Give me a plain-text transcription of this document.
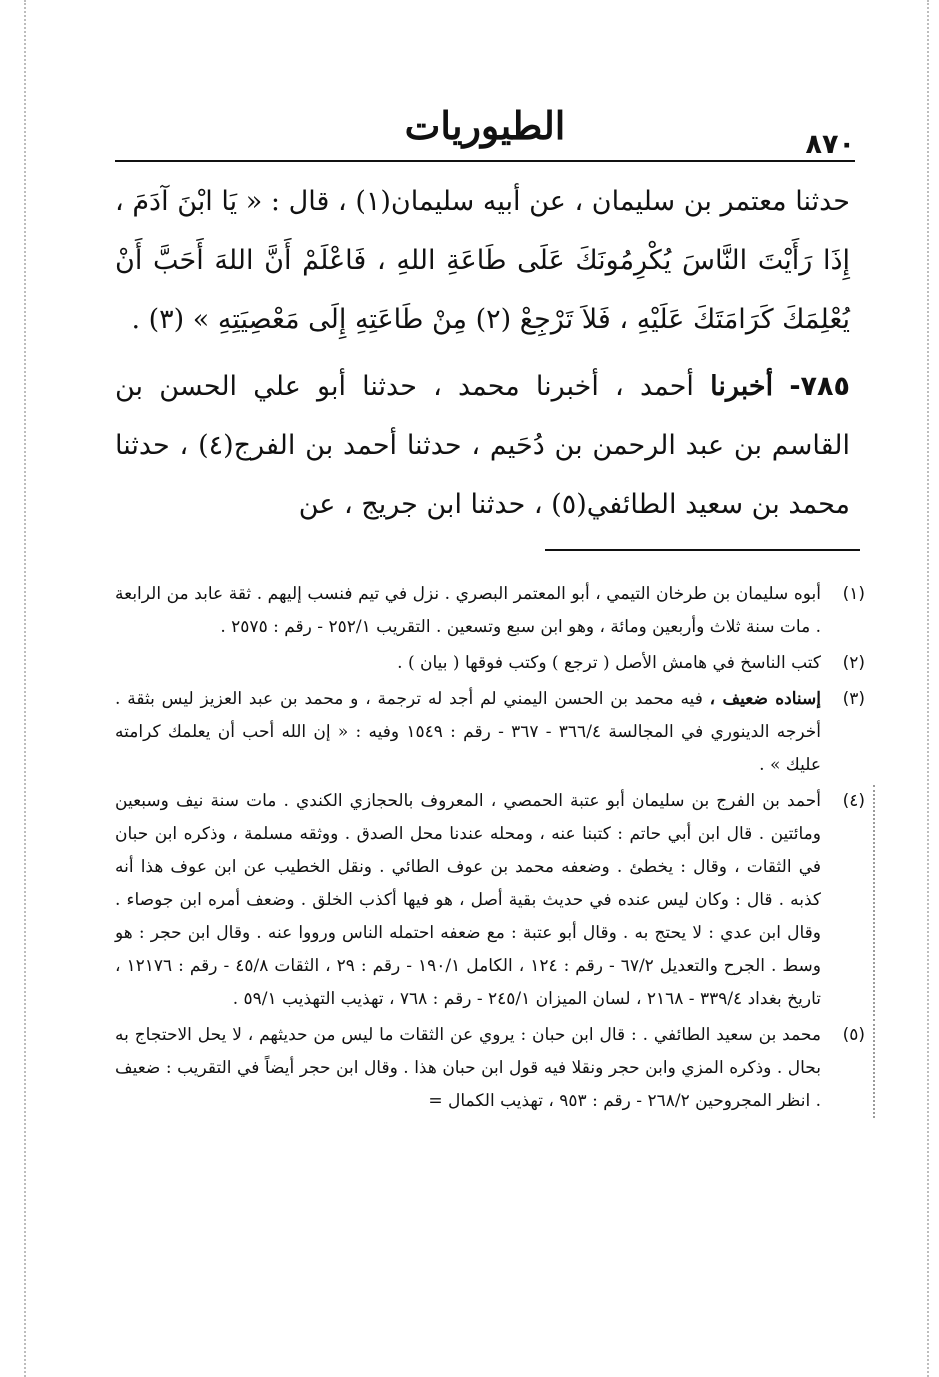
الطيوريات	٨٧٠

حدثنا معتمر بن سليمان ، عن أبيه سليمان(١) ، قال : « يَا ابْنَ آدَمَ ، إِذَا رَأَيْتَ النَّاسَ يُكْرِمُونَكَ عَلَى طَاعَةِ اللهِ ، فَاعْلَمْ أَنَّ اللهَ أَحَبَّ أَنْ يُعْلِمَكَ كَرَامَتَكَ عَلَيْهِ ، فَلاَ تَرْجِعْ (٢) مِنْ طَاعَتِهِ إِلَى مَعْصِيَتِهِ » (٣) .

٧٨٥- أخبرنا أحمد ، أخبرنا محمد ، حدثنا أبو علي الحسن بن القاسم بن عبد الرحمن بن دُحَيم ، حدثنا أحمد بن الفرج(٤) ، حدثنا محمد بن سعيد الطائفي(٥) ، حدثنا ابن جريج ، عن

(١)
أبوه سليمان بن طرخان التيمي ، أبو المعتمر البصري . نزل في تيم فنسب إليهم . ثقة عابد من الرابعة . مات سنة ثلاث وأربعين ومائة ، وهو ابن سبع وتسعين . التقريب ٢٥٢/١ - رقم : ٢٥٧٥ .
(٢)
كتب الناسخ في هامش الأصل ( ترجع ) وكتب فوقها ( بيان ) .
(٣)
إسناده ضعيف ، فيه محمد بن الحسن اليمني لم أجد له ترجمة ، و محمد بن عبد العزيز ليس بثقة . أخرجه الدينوري في المجالسة ٣٦٦/٤ - ٣٦٧ - رقم : ١٥٤٩ وفيه : « إن الله أحب أن يعلمك كرامته عليك » .
(٤)
أحمد بن الفرج بن سليمان أبو عتبة الحمصي ، المعروف بالحجازي الكندي . مات سنة نيف وسبعين ومائتين . قال ابن أبي حاتم : كتبنا عنه ، ومحله عندنا محل الصدق . ووثقه مسلمة ، وذكره ابن حبان في الثقات ، وقال : يخطئ . وضعفه محمد بن عوف الطائي . ونقل الخطيب عن ابن عوف هذا أنه كذبه . قال : وكان ليس عنده في حديث بقية أصل ، هو فيها أكذب الخلق . وضعف أمره ابن جوصاء . وقال ابن عدي : لا يحتج به . وقال أبو عتبة : مع ضعفه احتمله الناس ورووا عنه . وقال ابن حجر : هو وسط . الجرح والتعديل ٦٧/٢ - رقم : ١٢٤ ، الكامل ١٩٠/١ - رقم : ٢٩ ، الثقات ٤٥/٨ - رقم : ١٢١٧٦ ، تاريخ بغداد ٣٣٩/٤ - ٢١٦٨ ، لسان الميزان ٢٤٥/١ - رقم : ٧٦٨ ، تهذيب التهذيب ٥٩/١ .
(٥)
محمد بن سعيد الطائفي . : قال ابن حبان : يروي عن الثقات ما ليس من حديثهم ، لا يحل الاحتجاج به بحال . وذكره المزي وابن حجر ونقلا فيه قول ابن حبان هذا . وقال ابن حجر أيضاً في التقريب : ضعيف . انظر المجروحين ٢٦٨/٢ - رقم : ٩٥٣ ، تهذيب الكمال =
